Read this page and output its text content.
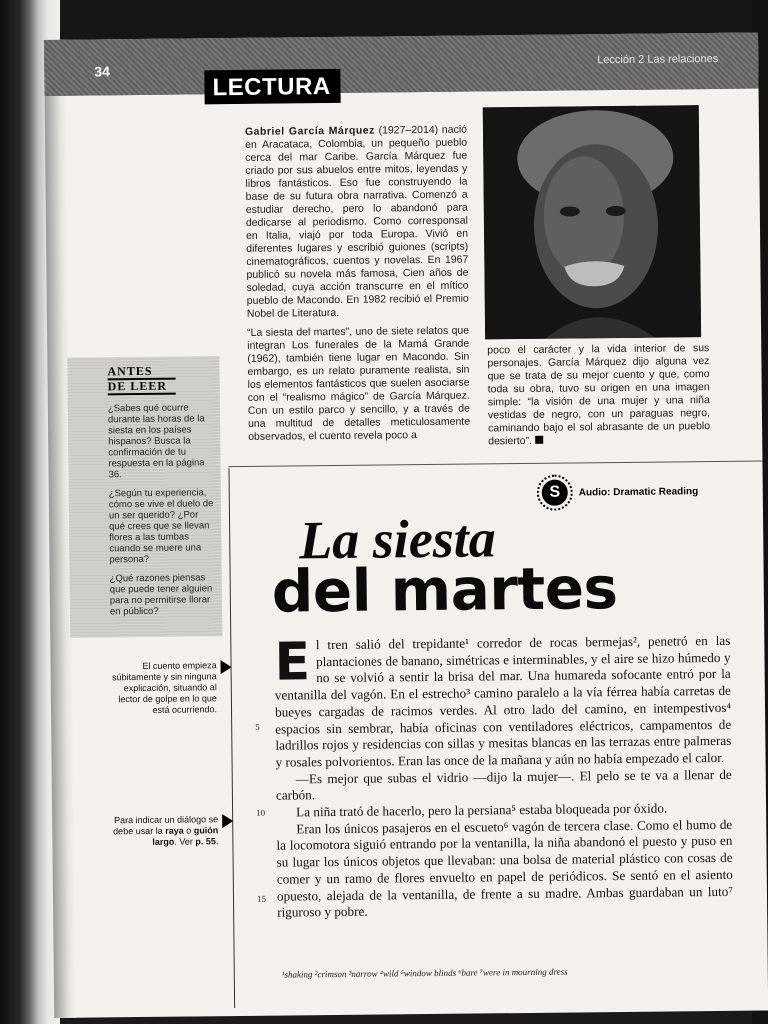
34
Lección 2 Las relaciones
LECTURA

Gabriel García Márquez (1927–2014) nació en Aracataca, Colombia, un pequeño pueblo cerca del mar Caribe. García Márquez fue criado por sus abuelos entre mitos, leyendas y libros fantásticos. Eso fue construyendo la base de su futura obra narrativa. Comenzó a estudiar derecho, pero lo abandonó para dedicarse al periodismo. Como corresponsal en Italia, viajó por toda Europa. Vivió en diferentes lugares y escribió guiones (scripts) cinematográficos, cuentos y novelas. En 1967 publicó su novela más famosa, Cien años de soledad, cuya acción transcurre en el mítico pueblo de Macondo. En 1982 recibió el Premio Nobel de Literatura.

“La siesta del martes”, uno de siete relatos que integran Los funerales de la Mamá Grande (1962), también tiene lugar en Macondo. Sin embargo, es un relato puramente realista, sin los elementos fantásticos que suelen asociarse con el “realismo mágico” de García Márquez. Con un estilo parco y sencillo, y a través de una multitud de detalles meticulosamente observados, el cuento revela poco a

poco el carácter y la vida interior de sus personajes. García Márquez dijo alguna vez que se trata de su mejor cuento y que, como toda su obra, tuvo su origen en una imagen simple: “la visión de una mujer y una niña vestidas de negro, con un paraguas negro, caminando bajo el sol abrasante de un pueblo desierto”.
ANTES
DE LEER

¿Sabes qué ocurre durante las horas de la siesta en los países hispanos? Busca la confirmación de tu respuesta en la página 36.

¿Según tu experiencia, cómo se vive el duelo de un ser querido? ¿Por qué crees que se llevan flores a las tumbas cuando se muere una persona?

¿Qué razones piensas que puede tener alguien para no permitirse llorar en público?

El cuento empieza súbitamente y sin ninguna explicación, situando al lector de golpe en lo que está ocurriendo.
Para indicar un diálogo se debe usar la raya o guión largo. Ver p. 55.
S	Audio: Dramatic Reading
La siesta
del martes

El tren salió del trepidante¹ corredor de rocas bermejas², penetró en las plantaciones de banano, simétricas e interminables, y el aire se hizo húmedo y no se volvió a sentir la brisa del mar. Una humareda sofocante entró por la ventanilla del vagón. En el estrecho³ camino paralelo a la vía férrea había carretas de bueyes cargadas de racimos verdes. Al otro lado del camino, en intempestivos⁴ espacios sin sembrar, había oficinas con ventiladores eléctricos, campamentos de ladrillos rojos y residencias con sillas y mesitas blancas en las terrazas entre palmeras y rosales polvorientos. Eran las once de la mañana y aún no había empezado el calor.

—Es mejor que subas el vidrio —dijo la mujer—. El pelo se te va a llenar de carbón.

La niña trató de hacerlo, pero la persiana⁵ estaba bloqueada por óxido.

Eran los únicos pasajeros en el escueto⁶ vagón de tercera clase. Como el humo de la locomotora siguió entrando por la ventanilla, la niña abandonó el puesto y puso en su lugar los únicos objetos que llevaban: una bolsa de material plástico con cosas de comer y un ramo de flores envuelto en papel de periódicos. Se sentó en el asiento opuesto, alejada de la ventanilla, de frente a su madre. Ambas guardaban un luto⁷ riguroso y pobre.

5
10
15
¹shaking ²crimson ³narrow ⁴wild ⁵window blinds ⁶bare ⁷were in mourning dress
